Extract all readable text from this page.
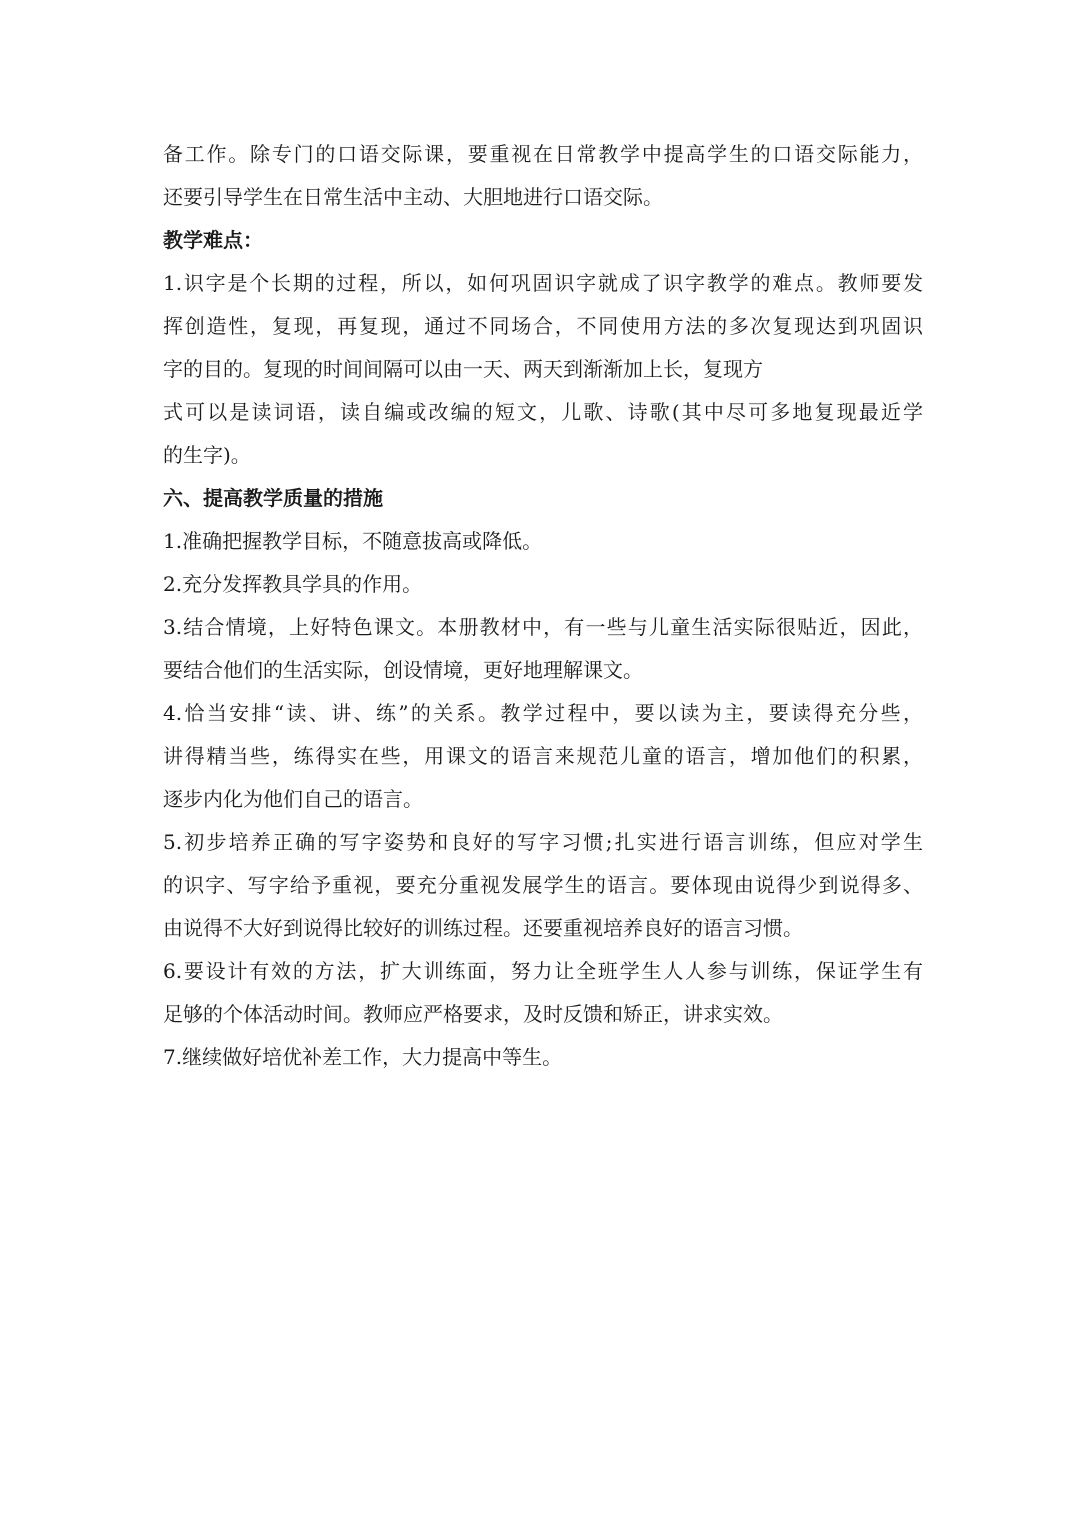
备工作。除专门的口语交际课，要重视在日常教学中提高学生的口语交际能力，
还要引导学生在日常生活中主动、大胆地进行口语交际。
教学难点：
1.识字是个长期的过程，所以，如何巩固识字就成了识字教学的难点。教师要发
挥创造性，复现，再复现，通过不同场合，不同使用方法的多次复现达到巩固识
字的目的。复现的时间间隔可以由一天、两天到渐渐加上长，复现方
式可以是读词语，读自编或改编的短文，儿歌、诗歌(其中尽可多地复现最近学
的生字)。
六、提高教学质量的措施
1.准确把握教学目标，不随意拔高或降低。
2.充分发挥教具学具的作用。
3.结合情境，上好特色课文。本册教材中，有一些与儿童生活实际很贴近，因此，
要结合他们的生活实际，创设情境，更好地理解课文。
4.恰当安排“读、讲、练”的关系。教学过程中，要以读为主，要读得充分些，
讲得精当些，练得实在些，用课文的语言来规范儿童的语言，增加他们的积累，
逐步内化为他们自己的语言。
5.初步培养正确的写字姿势和良好的写字习惯;扎实进行语言训练，但应对学生
的识字、写字给予重视，要充分重视发展学生的语言。要体现由说得少到说得多、
由说得不大好到说得比较好的训练过程。还要重视培养良好的语言习惯。
6.要设计有效的方法，扩大训练面，努力让全班学生人人参与训练，保证学生有
足够的个体活动时间。教师应严格要求，及时反馈和矫正，讲求实效。
7.继续做好培优补差工作，大力提高中等生。
